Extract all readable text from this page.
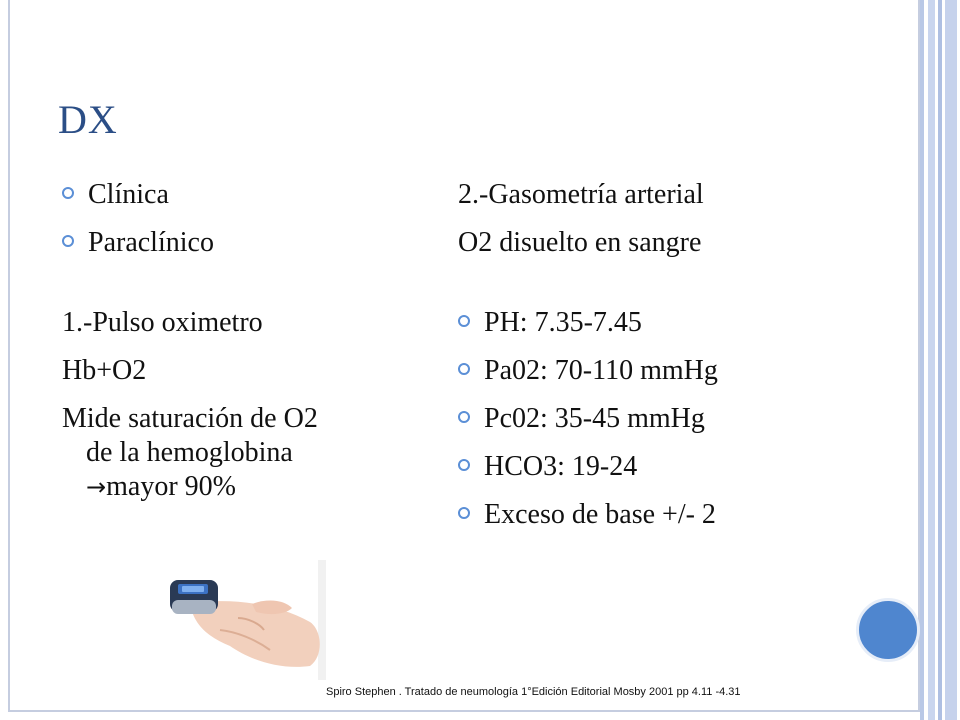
DX
Clínica
Paraclínico

1.-Pulso oximetro

Hb+O2

Mide saturación de O2
de la hemoglobina
→mayor 90%

2.-Gasometría arterial

O2 disuelto en sangre

PH: 7.35-7.45
Pa02: 70-110 mmHg
Pc02: 35-45 mmHg
HCO3: 19-24
Exceso de base +/- 2
Spiro Stephen . Tratado de neumología 1°Edición Editorial Mosby 2001 pp 4.11 -4.31
